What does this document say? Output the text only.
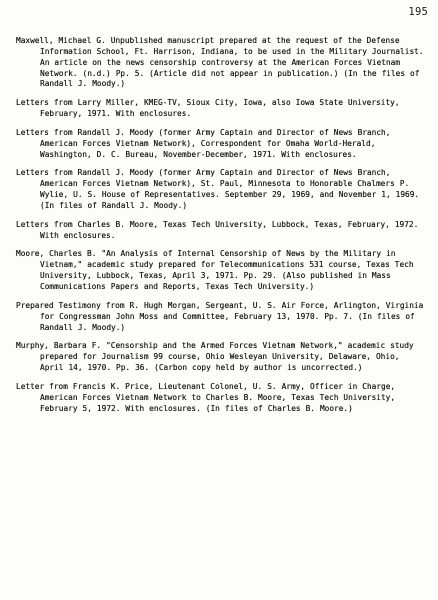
195

Maxwell, Michael G. Unpublished manuscript prepared at the request of the Defense Information School, Ft. Harrison, Indiana, to be used in the Military Journalist. An article on the news censorship controversy at the American Forces Vietnam Network. (n.d.) Pp. 5. (Article did not appear in publication.) (In the files of Randall J. Moody.)

Letters from Larry Miller, KMEG-TV, Sioux City, Iowa, also Iowa State University, February, 1971. With enclosures.

Letters from Randall J. Moody (former Army Captain and Director of News Branch, American Forces Vietnam Network), Correspondent for Omaha World-Herald, Washington, D. C. Bureau, November-December, 1971. With enclosures.

Letters from Randall J. Moody (former Army Captain and Director of News Branch, American Forces Vietnam Network), St. Paul, Minnesota to Honorable Chalmers P. Wylie, U. S. House of Representatives. September 29, 1969, and November 1, 1969. (In files of Randall J. Moody.)

Letters from Charles B. Moore, Texas Tech University, Lubbock, Texas, February, 1972. With enclosures.

Moore, Charles B. "An Analysis of Internal Censorship of News by the Military in Vietnam," academic study prepared for Telecommunications 531 course, Texas Tech University, Lubbock, Texas, April 3, 1971. Pp. 29. (Also published in Mass Communications Papers and Reports, Texas Tech University.)

Prepared Testimony from R. Hugh Morgan, Sergeant, U. S. Air Force, Arlington, Virginia for Congressman John Moss and Committee, February 13, 1970. Pp. 7. (In files of Randall J. Moody.)

Murphy, Barbara F. "Censorship and the Armed Forces Vietnam Network," academic study prepared for Journalism 99 course, Ohio Wesleyan University, Delaware, Ohio, April 14, 1970. Pp. 36. (Carbon copy held by author is uncorrected.)

Letter from Francis K. Price, Lieutenant Colonel, U. S. Army, Officer in Charge, American Forces Vietnam Network to Charles B. Moore, Texas Tech University, February 5, 1972. With enclosures. (In files of Charles B. Moore.)
